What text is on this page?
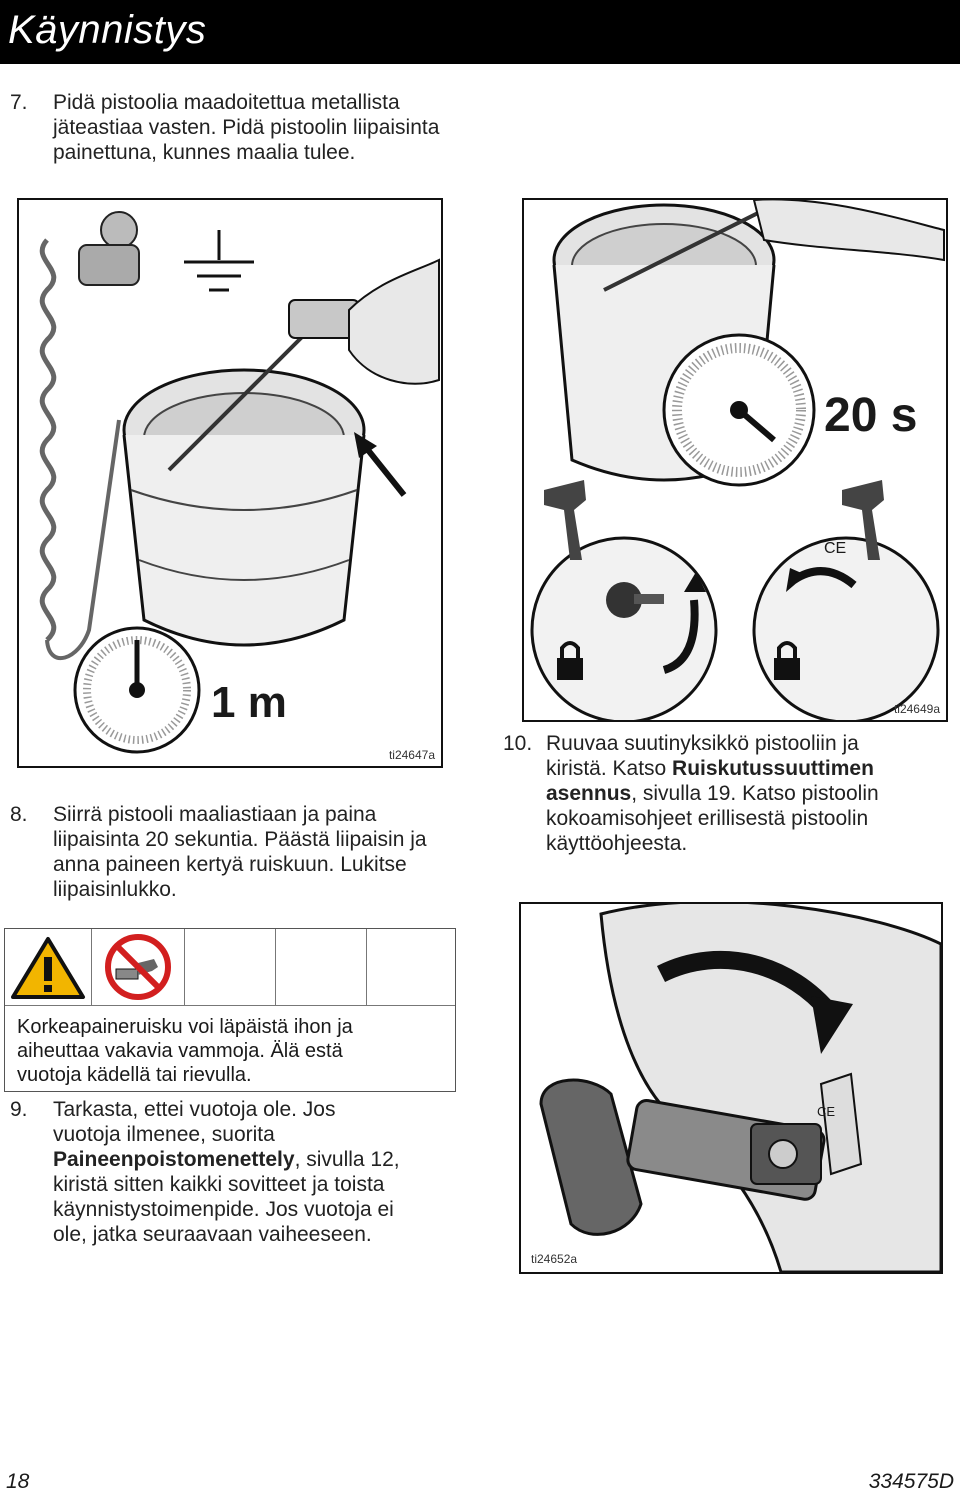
Käynnistys
7. Pidä pistoolia maadoitettua metallista
jäteastiaa vasten. Pidä pistoolin liipaisinta
painettuna, kunnes maalia tulee.
1 m
ti24647a
20 s
CE
ti24649a
8. Siirrä pistooli maaliastiaan ja paina
liipaisinta 20 sekuntia. Päästä liipaisin ja
anna paineen kertyä ruiskuun. Lukitse
liipaisinlukko.
10. Ruuvaa suutinyksikkö pistooliin ja
kiristä. Katso Ruiskutussuuttimen
asennus, sivulla 19. Katso pistoolin
kokoamisohjeet erillisestä pistoolin
käyttöohjeesta.
Korkeapaineruisku voi läpäistä ihon ja
aiheuttaa vakavia vammoja. Älä estä
vuotoja kädellä tai rievulla.
9. Tarkasta, ettei vuotoja ole. Jos
vuotoja ilmenee, suorita
Paineenpoistomenettely, sivulla 12,
kiristä sitten kaikki sovitteet ja toista
käynnistystoimenpide. Jos vuotoja ei
ole, jatka seuraavaan vaiheeseen.
CE
ti24652a
18	334575D
